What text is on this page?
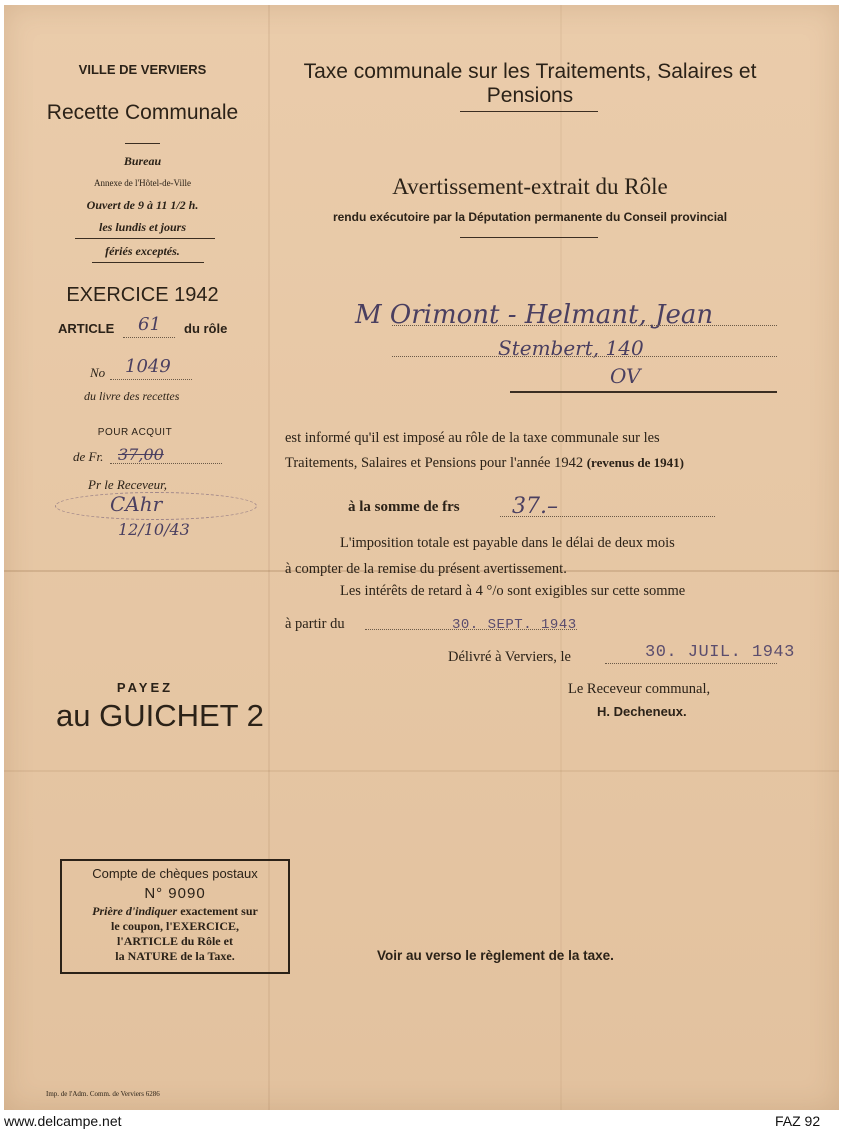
VILLE DE VERVIERS
Recette Communale
Bureau
Annexe de l'Hôtel-de-Ville
Ouvert de 9 à 11 1/2 h.
les lundis et jours
fériés exceptés.
EXERCICE 1942
ARTICLE 61 du rôle
No 1049
du livre des recettes
POUR ACQUIT
de Fr. 37,00
Pr le Receveur,
CAhr
12/10/43
PAYEZ
au GUICHET 2
Compte de chèques postaux
N° 9090
Prière d'indiquer exactement sur
le coupon, l'EXERCICE,
l'ARTICLE du Rôle et
la NATURE de la Taxe.
Imp. de l'Adm. Comm. de Verviers 6286
Taxe communale sur les Traitements, Salaires et Pensions
Avertissement-extrait du Rôle
rendu exécutoire par la Députation permanente du Conseil provincial
M Orimont - Helmant, Jean
Stembert, 140
OV
est informé qu'il est imposé au rôle de la taxe communale sur les
Traitements, Salaires et Pensions pour l'année 1942 (revenus de 1941)
à la somme de frs 37.–
L'imposition totale est payable dans le délai de deux mois
à compter de la remise du présent avertissement.
Les intérêts de retard à 4 °/o sont exigibles sur cette somme
à partir du	30. SEPT. 1943
Délivré à Verviers, le	30. JUIL. 1943
Le Receveur communal,
H. Decheneux.
Voir au verso le règlement de la taxe.
www.delcampe.net	FAZ 92
